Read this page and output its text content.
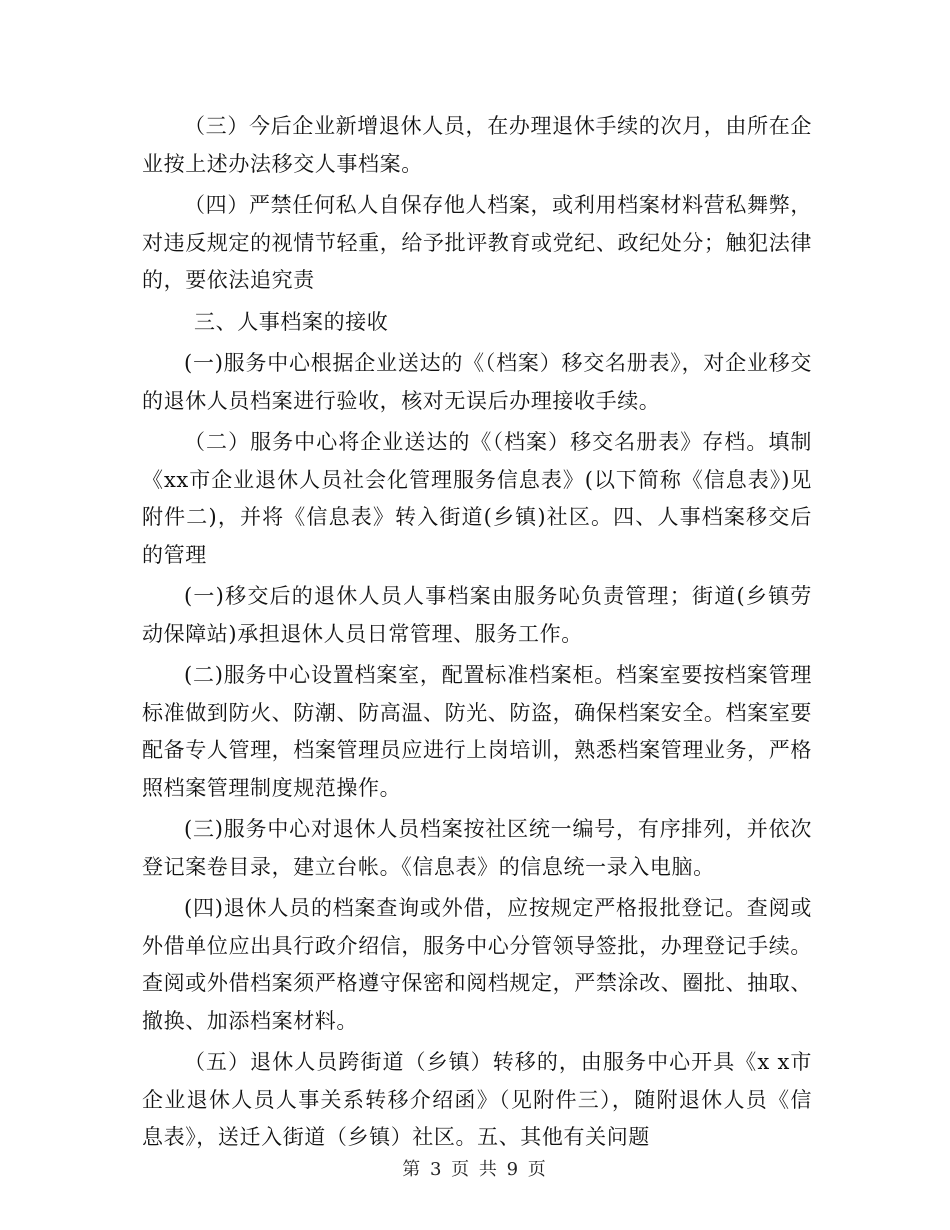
（三）今后企业新增退休人员，在办理退休手续的次月，由所在企业按上述办法移交人事档案。

（四）严禁任何私人自保存他人档案，或利用档案材料营私舞弊，对违反规定的视情节轻重，给予批评教育或党纪、政纪处分；触犯法律的，要依法追究责

三、人事档案的接收

(一)服务中心根据企业送达的《（档案）移交名册表》，对企业移交的退休人员档案进行验收，核对无误后办理接收手续。

（二）服务中心将企业送达的《（档案）移交名册表》存档。填制《xx市企业退休人员社会化管理服务信息表》(以下简称《信息表》)见附件二)，并将《信息表》转入街道(乡镇)社区。四、人事档案移交后的管理

(一)移交后的退休人员人事档案由服务吣负责管理；街道(乡镇劳动保障站)承担退休人员日常管理、服务工作。

(二)服务中心设置档案室，配置标准档案柜。档案室要按档案管理标准做到防火、防潮、防高温、防光、防盗，确保档案安全。档案室要配备专人管理，档案管理员应进行上岗培训，熟悉档案管理业务，严格照档案管理制度规范操作。

(三)服务中心对退休人员档案按社区统一编号，有序排列，并依次登记案卷目录，建立台帐。《信息表》的信息统一录入电脑。

(四)退休人员的档案查询或外借，应按规定严格报批登记。查阅或外借单位应出具行政介绍信，服务中心分管领导签批，办理登记手续。查阅或外借档案须严格遵守保密和阅档规定，严禁涂改、圈批、抽取、撤换、加添档案材料。

（五）退休人员跨街道（乡镇）转移的，由服务中心开具《x x市企业退休人员人事关系转移介绍函》（见附件三），随附退休人员《信息表》，送迁入街道（乡镇）社区。五、其他有关问题

第 3 页 共 9 页
